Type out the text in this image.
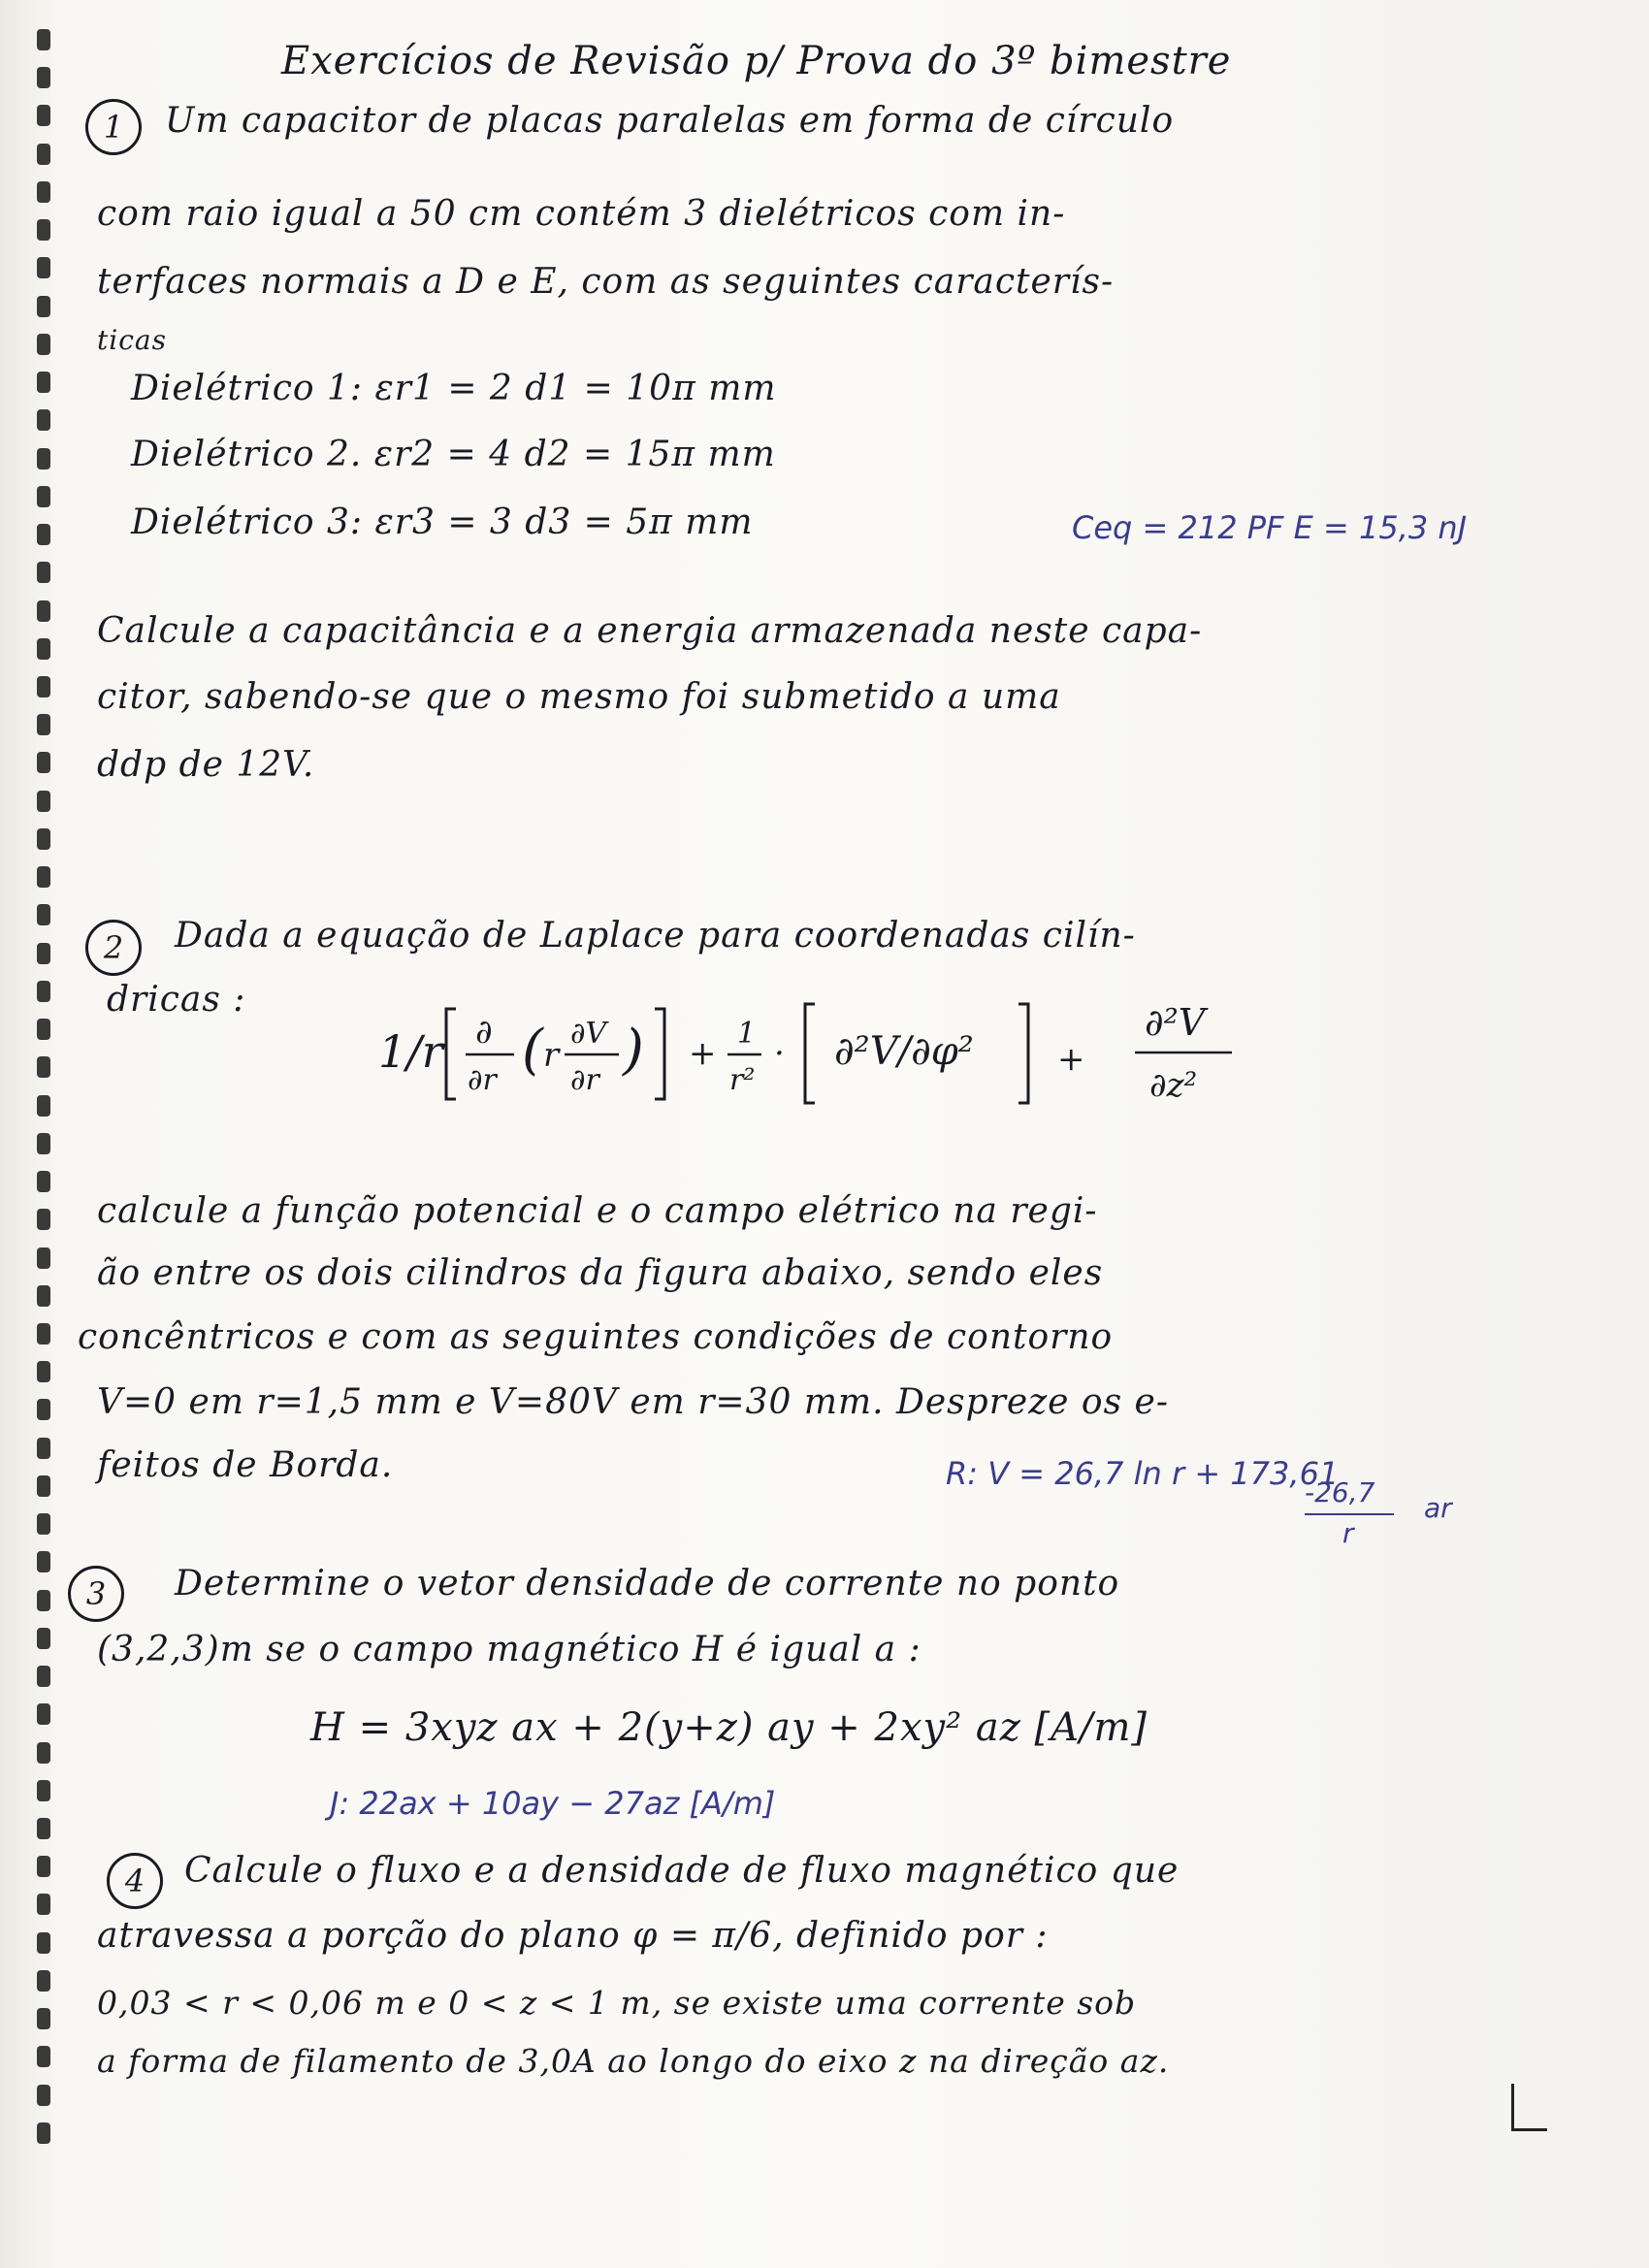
Exercícios de Revisão p/ Prova do 3º bimestre
1	Um capacitor de placas paralelas em forma de círculo
com raio igual a 50 cm contém 3 dielétricos com in-
terfaces normais a D e E, com as seguintes caracterís-
ticas
Dielétrico 1: εr1 = 2 d1 = 10π mm
Dielétrico 2. εr2 = 4 d2 = 15π mm
Dielétrico 3: εr3 = 3 d3 = 5π mm	Ceq = 212 PF E = 15,3 nJ
Calcule a capacitância e a energia armazenada neste capa-
citor, sabendo-se que o mesmo foi submetido a uma
ddp de 12V.
2	Dada a equação de Laplace para coordenadas cilín-
dricas :
1/r ∂
∂r ( r
∂V
∂r ) +
1
r²
· ∂²V/∂φ²	+
∂²V
∂z²
calcule a função potencial e o campo elétrico na regi-
ão entre os dois cilindros da figura abaixo, sendo eles
concêntricos e com as seguintes condições de contorno
V=0 em r=1,5 mm e V=80V em r=30 mm. Despreze os e-
feitos de Borda.	R: V = 26,7 ln r + 173,61
-26,7
r
ar
3	Determine o vetor densidade de corrente no ponto
(3,2,3)m se o campo magnético H é igual a :
H = 3xyz ax + 2(y+z) ay + 2xy² az [A/m]
J: 22ax + 10ay − 27az [A/m]
4	Calcule o fluxo e a densidade de fluxo magnético que
atravessa a porção do plano φ = π/6, definido por :
0,03 < r < 0,06 m e 0 < z < 1 m, se existe uma corrente sob
a forma de filamento de 3,0A ao longo do eixo z na direção az.
